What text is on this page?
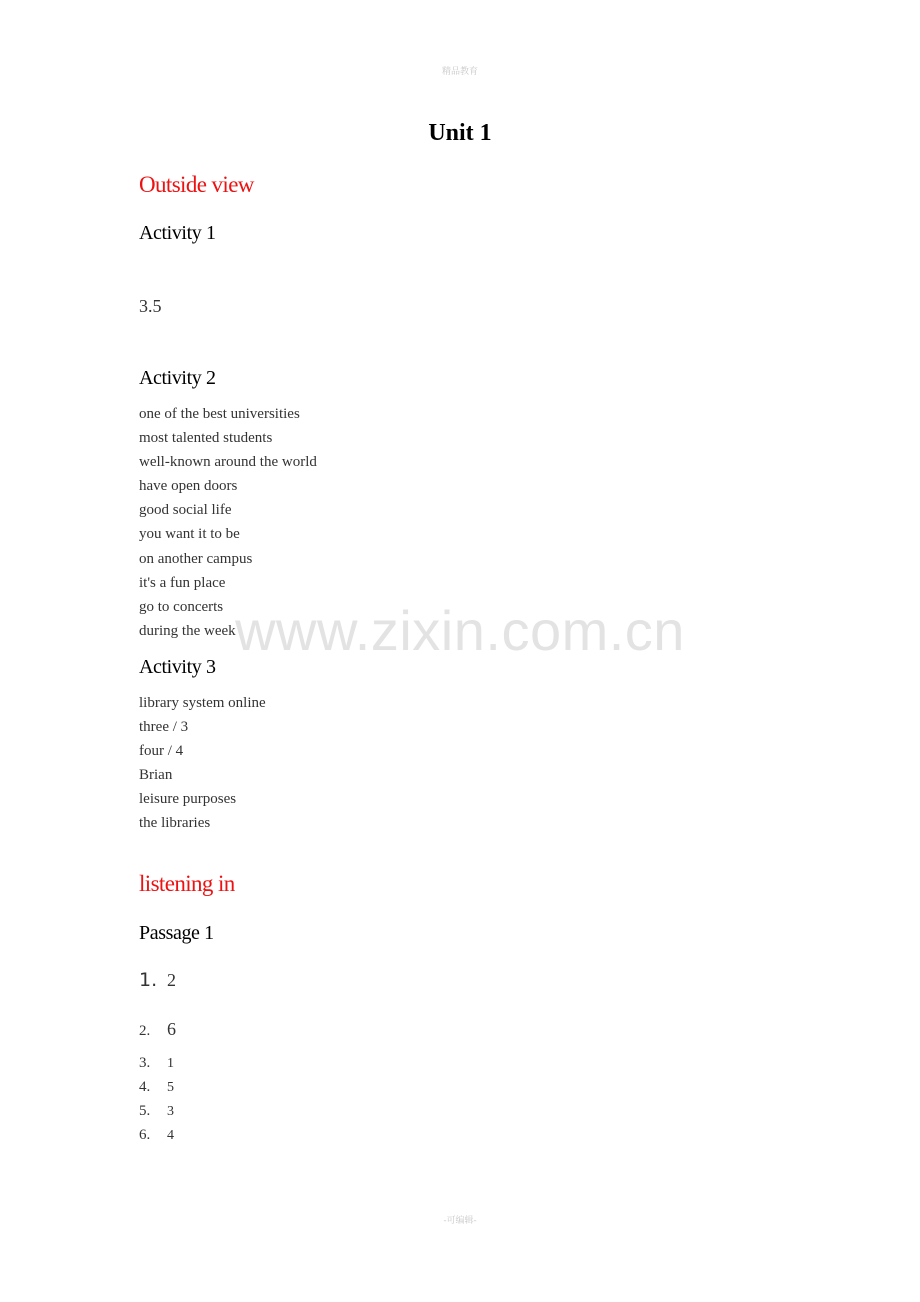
精品教育
www.zixin.com.cn
Unit 1
Outside view
Activity 1
3.5
Activity 2
one of the best universities
most talented students
well-known around the world
have open doors
good social life
you want it to be
on another campus
it's a fun place
go to concerts
during the week
Activity 3
library system online
three / 3
four / 4
Brian
leisure purposes
the libraries
listening in
Passage 1
1. 2
2. 6
3. 1
4. 5
5. 3
6. 4
-可编辑-
